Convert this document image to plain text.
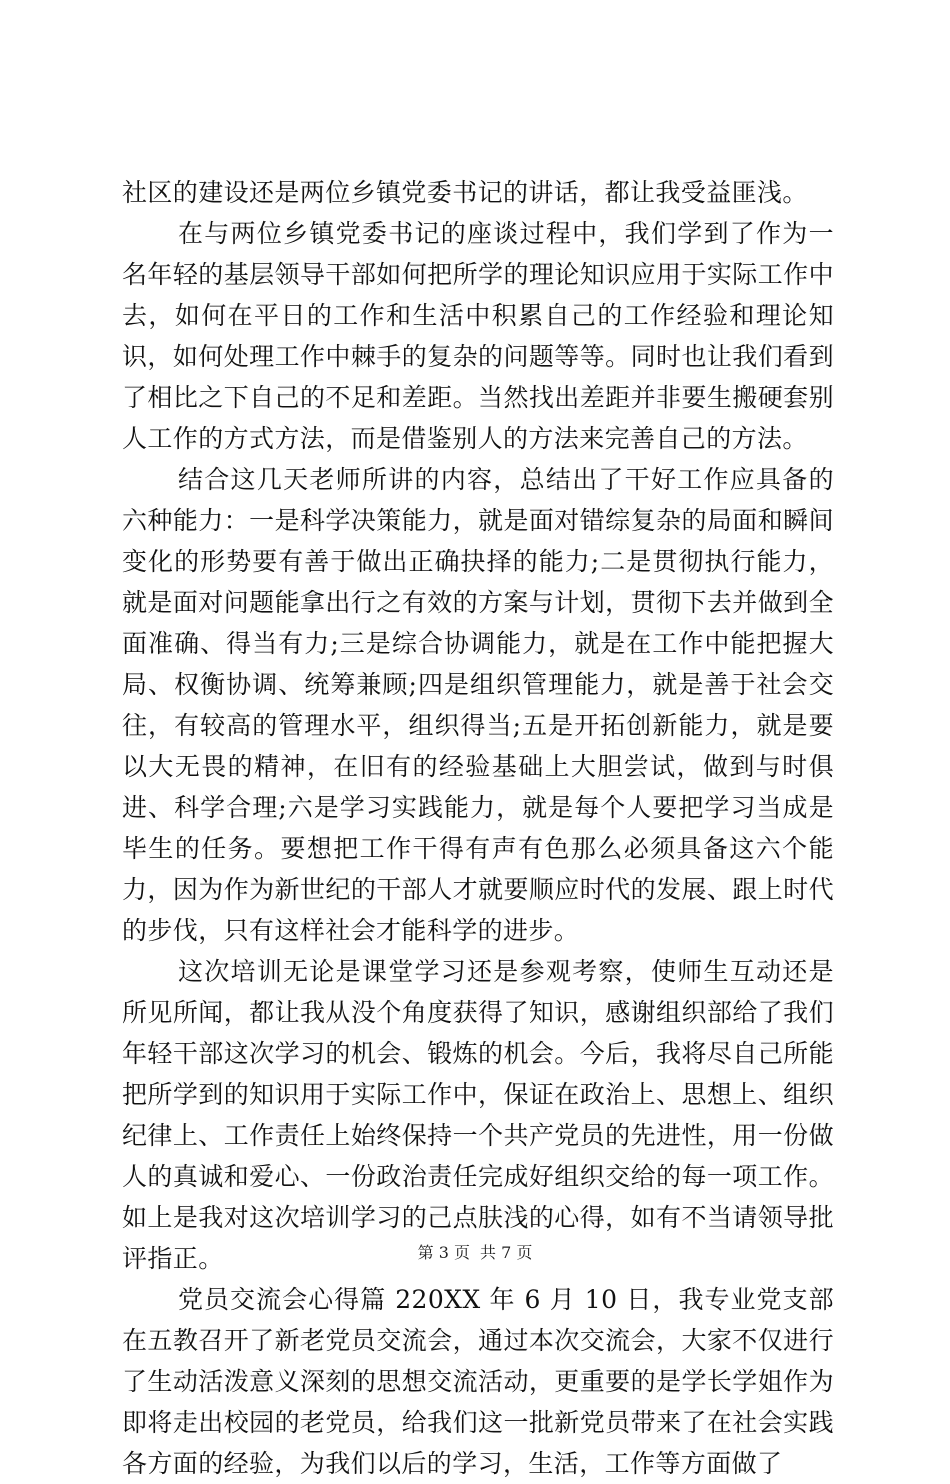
社区的建设还是两位乡镇党委书记的讲话，都让我受益匪浅。

在与两位乡镇党委书记的座谈过程中，我们学到了作为一名年轻的基层领导干部如何把所学的理论知识应用于实际工作中去，如何在平日的工作和生活中积累自己的工作经验和理论知识，如何处理工作中棘手的复杂的问题等等。同时也让我们看到了相比之下自己的不足和差距。当然找出差距并非要生搬硬套别人工作的方式方法，而是借鉴别人的方法来完善自己的方法。

结合这几天老师所讲的内容，总结出了干好工作应具备的六种能力：一是科学决策能力，就是面对错综复杂的局面和瞬间变化的形势要有善于做出正确抉择的能力;二是贯彻执行能力，就是面对问题能拿出行之有效的方案与计划，贯彻下去并做到全面准确、得当有力;三是综合协调能力，就是在工作中能把握大局、权衡协调、统筹兼顾;四是组织管理能力，就是善于社会交往，有较高的管理水平，组织得当;五是开拓创新能力，就是要以大无畏的精神，在旧有的经验基础上大胆尝试，做到与时俱进、科学合理;六是学习实践能力，就是每个人要把学习当成是毕生的任务。要想把工作干得有声有色那么必须具备这六个能力，因为作为新世纪的干部人才就要顺应时代的发展、跟上时代的步伐，只有这样社会才能科学的进步。

这次培训无论是课堂学习还是参观考察，使师生互动还是所见所闻，都让我从没个角度获得了知识，感谢组织部给了我们年轻干部这次学习的机会、锻炼的机会。今后，我将尽自己所能把所学到的知识用于实际工作中，保证在政治上、思想上、组织纪律上、工作责任上始终保持一个共产党员的先进性，用一份做人的真诚和爱心、一份政治责任完成好组织交给的每一项工作。如上是我对这次培训学习的己点肤浅的心得，如有不当请领导批评指正。

党员交流会心得篇 220XX 年 6 月 10 日，我专业党支部在五教召开了新老党员交流会，通过本次交流会，大家不仅进行了生动活泼意义深刻的思想交流活动，更重要的是学长学姐作为即将走出校园的老党员，给我们这一批新党员带来了在社会实践各方面的经验，为我们以后的学习，生活，工作等方面做了

第 3 页 共 7 页
